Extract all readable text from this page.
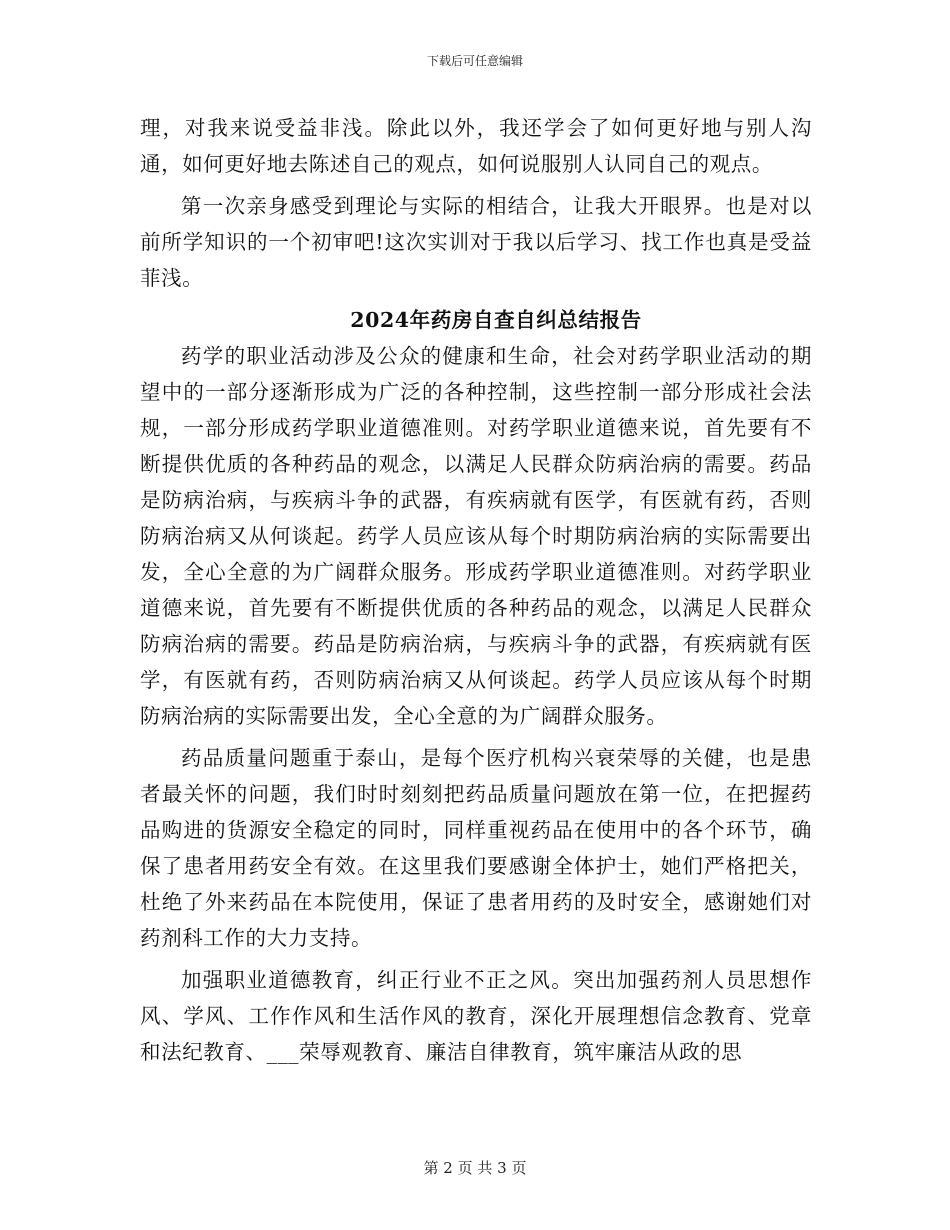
下载后可任意编辑

理，对我来说受益非浅。除此以外，我还学会了如何更好地与别人沟通，如何更好地去陈述自己的观点，如何说服别人认同自己的观点。

第一次亲身感受到理论与实际的相结合，让我大开眼界。也是对以前所学知识的一个初审吧!这次实训对于我以后学习、找工作也真是受益菲浅。

2024年药房自查自纠总结报告

药学的职业活动涉及公众的健康和生命，社会对药学职业活动的期望中的一部分逐渐形成为广泛的各种控制，这些控制一部分形成社会法规，一部分形成药学职业道德准则。对药学职业道德来说，首先要有不断提供优质的各种药品的观念，以满足人民群众防病治病的需要。药品是防病治病，与疾病斗争的武器，有疾病就有医学，有医就有药，否则防病治病又从何谈起。药学人员应该从每个时期防病治病的实际需要出发，全心全意的为广阔群众服务。形成药学职业道德准则。对药学职业道德来说，首先要有不断提供优质的各种药品的观念，以满足人民群众防病治病的需要。药品是防病治病，与疾病斗争的武器，有疾病就有医学，有医就有药，否则防病治病又从何谈起。药学人员应该从每个时期防病治病的实际需要出发，全心全意的为广阔群众服务。

药品质量问题重于泰山，是每个医疗机构兴衰荣辱的关健，也是患者最关怀的问题，我们时时刻刻把药品质量问题放在第一位，在把握药品购进的货源安全稳定的同时，同样重视药品在使用中的各个环节，确保了患者用药安全有效。在这里我们要感谢全体护士，她们严格把关，杜绝了外来药品在本院使用，保证了患者用药的及时安全，感谢她们对药剂科工作的大力支持。

加强职业道德教育，纠正行业不正之风。突出加强药剂人员思想作风、学风、工作作风和生活作风的教育，深化开展理想信念教育、党章和法纪教育、___荣辱观教育、廉洁自律教育，筑牢廉洁从政的思

第 2 页 共 3 页
